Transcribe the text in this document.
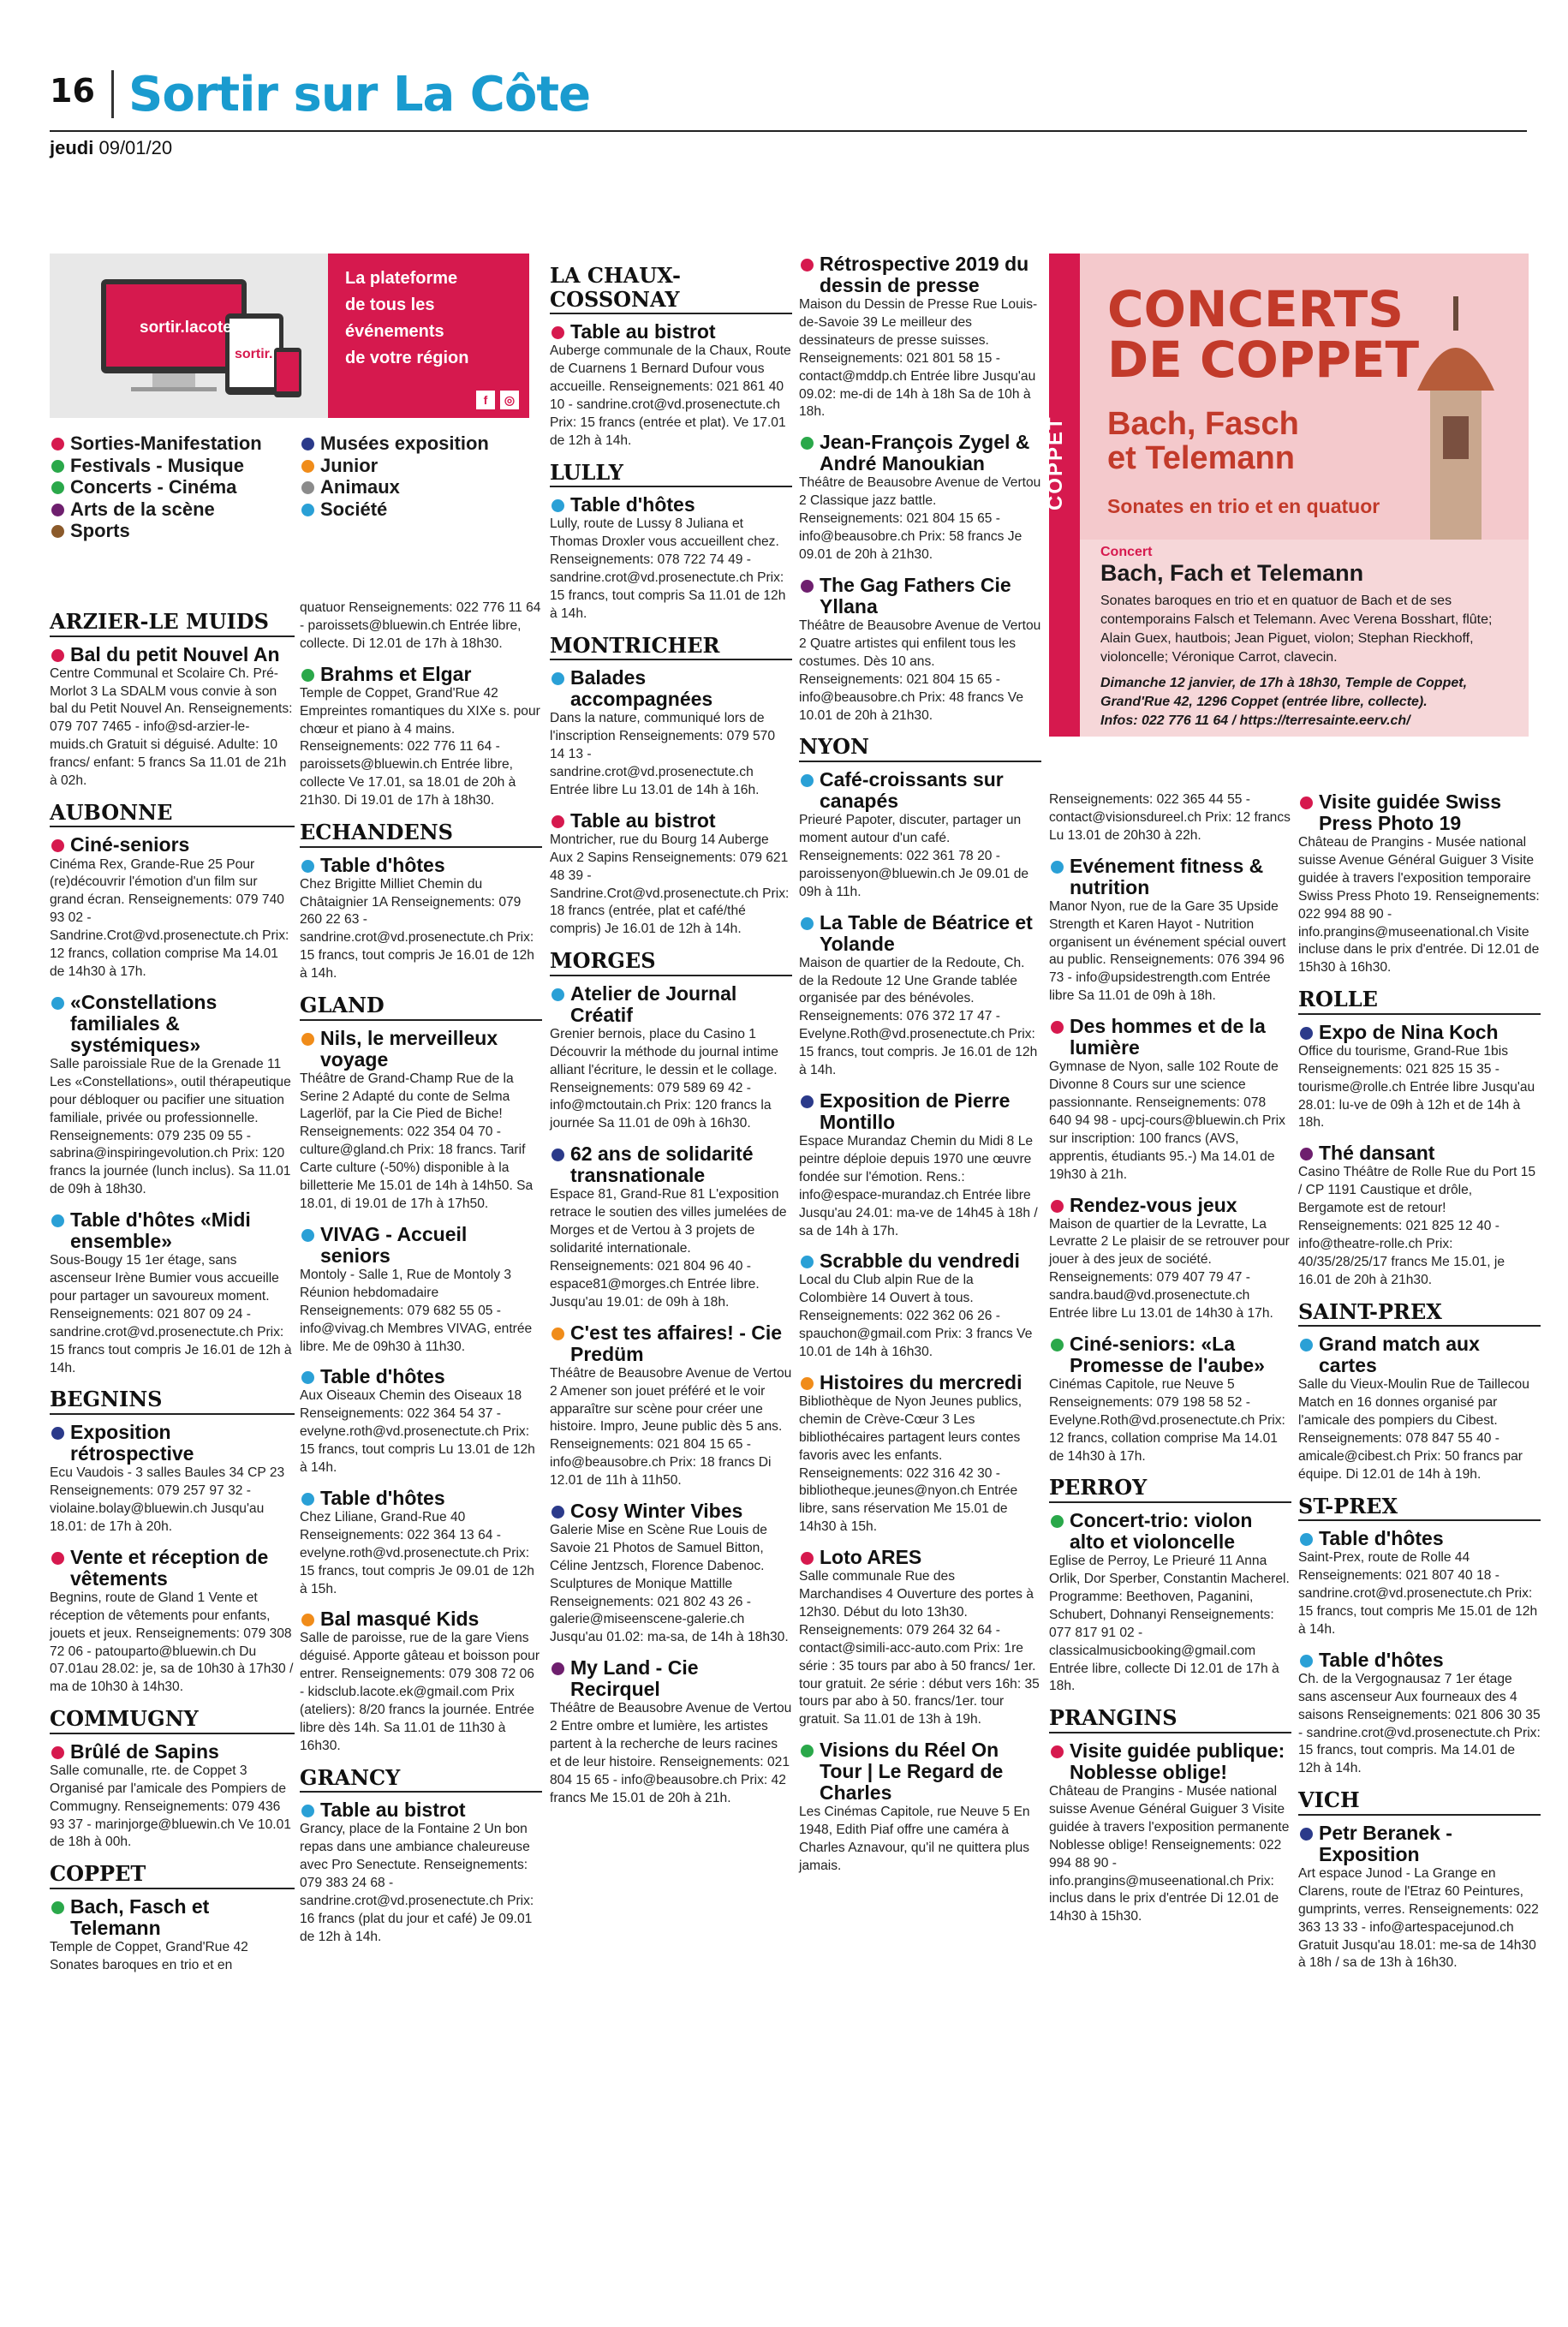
16 Sortir sur La Côte
jeudi 09/01/20
sortir.lacote.ch
sortir.
La plateforme
de tous les
événements
de votre région
f	◎
Sorties-Manifestation
Festivals - Musique
Concerts - Cinéma
Arts de la scène
Sports
Musées exposition
Junior
Animaux
Société
ARZIER-LE MUIDS
Bal du petit Nouvel An
Centre Communal et Scolaire Ch. Pré-Morlot 3 La SDALM vous convie à son bal du Petit Nouvel An. Renseignements: 079 707 7465 - info@sd-arzier-le-muids.ch Gratuit si déguisé. Adulte: 10 francs/ enfant: 5 francs Sa 11.01 de 21h à 02h.
AUBONNE
Ciné-seniors
Cinéma Rex, Grande-Rue 25 Pour (re)découvrir l'émotion d'un film sur grand écran. Renseignements: 079 740 93 02 - Sandrine.Crot@vd.prosenectute.ch Prix: 12 francs, collation comprise Ma 14.01 de 14h30 à 17h.
«Constellations familiales & systémiques»
Salle paroissiale Rue de la Grenade 11 Les «Constellations», outil thérapeutique pour débloquer ou pacifier une situation familiale, privée ou professionnelle. Renseignements: 079 235 09 55 - sabrina@inspiringevolution.ch Prix: 120 francs la journée (lunch inclus). Sa 11.01 de 09h à 18h30.
Table d'hôtes «Midi ensemble»
Sous-Bougy 15 1er étage, sans ascenseur Irène Bumier vous accueille pour partager un savoureux moment. Renseignements: 021 807 09 24 - sandrine.crot@vd.prosenectute.ch Prix: 15 francs tout compris Je 16.01 de 12h à 14h.
BEGNINS
Exposition rétrospective
Ecu Vaudois - 3 salles Baules 34 CP 23 Renseignements: 079 257 97 32 - violaine.bolay@bluewin.ch Jusqu'au 18.01: de 17h à 20h.
Vente et réception de vêtements
Begnins, route de Gland 1 Vente et réception de vêtements pour enfants, jouets et jeux. Renseignements: 079 308 72 06 - patouparto@bluewin.ch Du 07.01au 28.02: je, sa de 10h30 à 17h30 / ma de 10h30 à 14h30.
COMMUGNY
Brûlé de Sapins
Salle comunalle, rte. de Coppet 3 Organisé par l'amicale des Pompiers de Commugny. Renseignements: 079 436 93 37 - marinjorge@bluewin.ch Ve 10.01 de 18h à 00h.
COPPET
Bach, Fasch et Telemann
Temple de Coppet, Grand'Rue 42 Sonates baroques en trio et en
quatuor Renseignements: 022 776 11 64 - paroissets@bluewin.ch Entrée libre, collecte. Di 12.01 de 17h à 18h30.
Brahms et Elgar
Temple de Coppet, Grand'Rue 42 Empreintes romantiques du XIXe s. pour chœur et piano à 4 mains. Renseignements: 022 776 11 64 - paroissets@bluewin.ch Entrée libre, collecte Ve 17.01, sa 18.01 de 20h à 21h30. Di 19.01 de 17h à 18h30.
ECHANDENS
Table d'hôtes
Chez Brigitte Milliet Chemin du Châtaignier 1A Renseignements: 079 260 22 63 - sandrine.crot@vd.prosenectute.ch Prix: 15 francs, tout compris Je 16.01 de 12h à 14h.
GLAND
Nils, le merveilleux voyage
Théâtre de Grand-Champ Rue de la Serine 2 Adapté du conte de Selma Lagerlöf, par la Cie Pied de Biche! Renseignements: 022 354 04 70 - culture@gland.ch Prix: 18 francs. Tarif Carte culture (-50%) disponible à la billetterie Me 15.01 de 14h à 14h50. Sa 18.01, di 19.01 de 17h à 17h50.
VIVAG - Accueil seniors
Montoly - Salle 1, Rue de Montoly 3 Réunion hebdomadaire Renseignements: 079 682 55 05 - info@vivag.ch Membres VIVAG, entrée libre. Me de 09h30 à 11h30.
Table d'hôtes
Aux Oiseaux Chemin des Oiseaux 18 Renseignements: 022 364 54 37 - evelyne.roth@vd.prosenectute.ch Prix: 15 francs, tout compris Lu 13.01 de 12h à 14h.
Table d'hôtes
Chez Liliane, Grand-Rue 40 Renseignements: 022 364 13 64 - evelyne.roth@vd.prosenectute.ch Prix: 15 francs, tout compris Je 09.01 de 12h à 15h.
Bal masqué Kids
Salle de paroisse, rue de la gare Viens déguisé. Apporte gâteau et boisson pour entrer. Renseignements: 079 308 72 06 - kidsclub.lacote.ek@gmail.com Prix (ateliers): 8/20 francs la journée. Entrée libre dès 14h. Sa 11.01 de 11h30 à 16h30.
GRANCY
Table au bistrot
Grancy, place de la Fontaine 2 Un bon repas dans une ambiance chaleureuse avec Pro Senectute. Renseignements: 079 383 24 68 - sandrine.crot@vd.prosenectute.ch Prix: 16 francs (plat du jour et café) Je 09.01 de 12h à 14h.
LA CHAUX-COSSONAY
Table au bistrot
Auberge communale de la Chaux, Route de Cuarnens 1 Bernard Dufour vous accueille. Renseignements: 021 861 40 10 - sandrine.crot@vd.prosenectute.ch Prix: 15 francs (entrée et plat). Ve 17.01 de 12h à 14h.
LULLY
Table d'hôtes
Lully, route de Lussy 8 Juliana et Thomas Droxler vous accueillent chez. Renseignements: 078 722 74 49 - sandrine.crot@vd.prosenectute.ch Prix: 15 francs, tout compris Sa 11.01 de 12h à 14h.
MONTRICHER
Balades accompagnées
Dans la nature, communiqué lors de l'inscription Renseignements: 079 570 14 13 - sandrine.crot@vd.prosenectute.ch Entrée libre Lu 13.01 de 14h à 16h.
Table au bistrot
Montricher, rue du Bourg 14 Auberge Aux 2 Sapins Renseignements: 079 621 48 39 - Sandrine.Crot@vd.prosenectute.ch Prix: 18 francs (entrée, plat et café/thé compris) Je 16.01 de 12h à 14h.
MORGES
Atelier de Journal Créatif
Grenier bernois, place du Casino 1 Découvrir la méthode du journal intime alliant l'écriture, le dessin et le collage. Renseignements: 079 589 69 42 - info@mctoutain.ch Prix: 120 francs la journée Sa 11.01 de 09h à 16h30.
62 ans de solidarité transnationale
Espace 81, Grand-Rue 81 L'exposition retrace le soutien des villes jumelées de Morges et de Vertou à 3 projets de solidarité internationale. Renseignements: 021 804 96 40 - espace81@morges.ch Entrée libre. Jusqu'au 19.01: de 09h à 18h.
C'est tes affaires! - Cie Predüm
Théâtre de Beausobre Avenue de Vertou 2 Amener son jouet préféré et le voir apparaître sur scène pour créer une histoire. Impro, Jeune public dès 5 ans. Renseignements: 021 804 15 65 - info@beausobre.ch Prix: 18 francs Di 12.01 de 11h à 11h50.
Cosy Winter Vibes
Galerie Mise en Scène Rue Louis de Savoie 21 Photos de Samuel Bitton, Céline Jentzsch, Florence Dabenoc. Sculptures de Monique Mattille Renseignements: 021 802 43 26 - galerie@miseenscene-galerie.ch Jusqu'au 01.02: ma-sa, de 14h à 18h30.
My Land - Cie Recirquel
Théâtre de Beausobre Avenue de Vertou 2 Entre ombre et lumière, les artistes partent à la recherche de leurs racines et de leur histoire. Renseignements: 021 804 15 65 - info@beausobre.ch Prix: 42 francs Me 15.01 de 20h à 21h.
Rétrospective 2019 du dessin de presse
Maison du Dessin de Presse Rue Louis-de-Savoie 39 Le meilleur des dessinateurs de presse suisses. Renseignements: 021 801 58 15 - contact@mddp.ch Entrée libre Jusqu'au 09.02: me-di de 14h à 18h Sa de 10h à 18h.
Jean-François Zygel & André Manoukian
Théâtre de Beausobre Avenue de Vertou 2 Classique jazz battle. Renseignements: 021 804 15 65 - info@beausobre.ch Prix: 58 francs Je 09.01 de 20h à 21h30.
The Gag Fathers Cie Yllana
Théâtre de Beausobre Avenue de Vertou 2 Quatre artistes qui enfilent tous les costumes. Dès 10 ans. Renseignements: 021 804 15 65 - info@beausobre.ch Prix: 48 francs Ve 10.01 de 20h à 21h30.
NYON
Café-croissants sur canapés
Prieuré Papoter, discuter, partager un moment autour d'un café. Renseignements: 022 361 78 20 - paroissenyon@bluewin.ch Je 09.01 de 09h à 11h.
La Table de Béatrice et Yolande
Maison de quartier de la Redoute, Ch. de la Redoute 12 Une Grande tablée organisée par des bénévoles. Renseignements: 076 372 17 47 - Evelyne.Roth@vd.prosenectute.ch Prix: 15 francs, tout compris. Je 16.01 de 12h à 14h.
Exposition de Pierre Montillo
Espace Murandaz Chemin du Midi 8 Le peintre déploie depuis 1970 une œuvre fondée sur l'émotion. Rens.: info@espace-murandaz.ch Entrée libre Jusqu'au 24.01: ma-ve de 14h45 à 18h / sa de 14h à 17h.
Scrabble du vendredi
Local du Club alpin Rue de la Colombière 14 Ouvert à tous. Renseignements: 022 362 06 26 - spauchon@gmail.com Prix: 3 francs Ve 10.01 de 14h à 16h30.
Histoires du mercredi
Bibliothèque de Nyon Jeunes publics, chemin de Crève-Cœur 3 Les bibliothécaires partagent leurs contes favoris avec les enfants. Renseignements: 022 316 42 30 - bibliotheque.jeunes@nyon.ch Entrée libre, sans réservation Me 15.01 de 14h30 à 15h.
Loto ARES
Salle communale Rue des Marchandises 4 Ouverture des portes à 12h30. Début du loto 13h30. Renseignements: 079 264 32 64 - contact@simili-acc-auto.com Prix: 1re série : 35 tours par abo à 50 francs/ 1er. tour gratuit. 2e série : début vers 16h: 35 tours par abo à 50. francs/1er. tour gratuit. Sa 11.01 de 13h à 19h.
Visions du Réel On Tour | Le Regard de Charles
Les Cinémas Capitole, rue Neuve 5 En 1948, Edith Piaf offre une caméra à Charles Aznavour, qu'il ne quittera plus jamais.
Renseignements: 022 365 44 55 - contact@visionsdureel.ch Prix: 12 francs Lu 13.01 de 20h30 à 22h.
Evénement fitness & nutrition
Manor Nyon, rue de la Gare 35 Upside Strength et Karen Hayot - Nutrition organisent un événement spécial ouvert au public. Renseignements: 076 394 96 73 - info@upsidestrength.com Entrée libre Sa 11.01 de 09h à 18h.
Des hommes et de la lumière
Gymnase de Nyon, salle 102 Route de Divonne 8 Cours sur une science passionnante. Renseignements: 078 640 94 98 - upcj-cours@bluewin.ch Prix sur inscription: 100 francs (AVS, apprentis, étudiants 95.-) Ma 14.01 de 19h30 à 21h.
Rendez-vous jeux
Maison de quartier de la Levratte, La Levratte 2 Le plaisir de se retrouver pour jouer à des jeux de société. Renseignements: 079 407 79 47 - sandra.baud@vd.prosenectute.ch Entrée libre Lu 13.01 de 14h30 à 17h.
Ciné-seniors: «La Promesse de l'aube»
Cinémas Capitole, rue Neuve 5 Renseignements: 079 198 58 52 - Evelyne.Roth@vd.prosenectute.ch Prix: 12 francs, collation comprise Ma 14.01 de 14h30 à 17h.
PERROY
Concert-trio: violon alto et violoncelle
Eglise de Perroy, Le Prieuré 11 Anna Orlik, Dor Sperber, Constantin Macherel. Programme: Beethoven, Paganini, Schubert, Dohnanyi Renseignements: 077 817 91 02 - classicalmusicbooking@gmail.com Entrée libre, collecte Di 12.01 de 17h à 18h.
PRANGINS
Visite guidée publique: Noblesse oblige!
Château de Prangins - Musée national suisse Avenue Général Guiguer 3 Visite guidée à travers l'exposition permanente Noblesse oblige! Renseignements: 022 994 88 90 - info.prangins@museenational.ch Prix: inclus dans le prix d'entrée Di 12.01 de 14h30 à 15h30.
Visite guidée Swiss Press Photo 19
Château de Prangins - Musée national suisse Avenue Général Guiguer 3 Visite guidée à travers l'exposition temporaire Swiss Press Photo 19. Renseignements: 022 994 88 90 - info.prangins@museenational.ch Visite incluse dans le prix d'entrée. Di 12.01 de 15h30 à 16h30.
ROLLE
Expo de Nina Koch
Office du tourisme, Grand-Rue 1bis Renseignements: 021 825 15 35 - tourisme@rolle.ch Entrée libre Jusqu'au 28.01: lu-ve de 09h à 12h et de 14h à 18h.
Thé dansant
Casino Théâtre de Rolle Rue du Port 15 / CP 1191 Caustique et drôle, Bergamote est de retour! Renseignements: 021 825 12 40 - info@theatre-rolle.ch Prix: 40/35/28/25/17 francs Me 15.01, je 16.01 de 20h à 21h30.
SAINT-PREX
Grand match aux cartes
Salle du Vieux-Moulin Rue de Taillecou Match en 16 donnes organisé par l'amicale des pompiers du Cibest. Renseignements: 078 847 55 40 - amicale@cibest.ch Prix: 50 francs par équipe. Di 12.01 de 14h à 19h.
ST-PREX
Table d'hôtes
Saint-Prex, route de Rolle 44 Renseignements: 021 807 40 18 - sandrine.crot@vd.prosenectute.ch Prix: 15 francs, tout compris Me 15.01 de 12h à 14h.
Table d'hôtes
Ch. de la Vergognausaz 7 1er étage sans ascenseur Aux fourneaux des 4 saisons Renseignements: 021 806 30 35 - sandrine.crot@vd.prosenectute.ch Prix: 15 francs, tout compris. Ma 14.01 de 12h à 14h.
VICH
Petr Beranek - Exposition
Art espace Junod - La Grange en Clarens, route de l'Etraz 60 Peintures, gumprints, verres. Renseignements: 022 363 13 33 - info@artespacejunod.ch Gratuit Jusqu'au 18.01: me-sa de 14h30 à 18h / sa de 13h à 16h30.
COPPET
CONCERTS
DE COPPET
Bach, Fasch
et Telemann
Sonates en trio et en quatuor
Concert
Bach, Fach et Telemann
Sonates baroques en trio et en quatuor de Bach et de ses contemporains Falsch et Telemann. Avec Verena Bosshart, flûte; Alain Guex, hautbois; Jean Piguet, violon; Stephan Rieckhoff, violoncelle; Véronique Carrot, clavecin.
Dimanche 12 janvier, de 17h à 18h30, Temple de Coppet, Grand'Rue 42, 1296 Coppet (entrée libre, collecte).
Infos: 022 776 11 64 / https://terresainte.eerv.ch/
